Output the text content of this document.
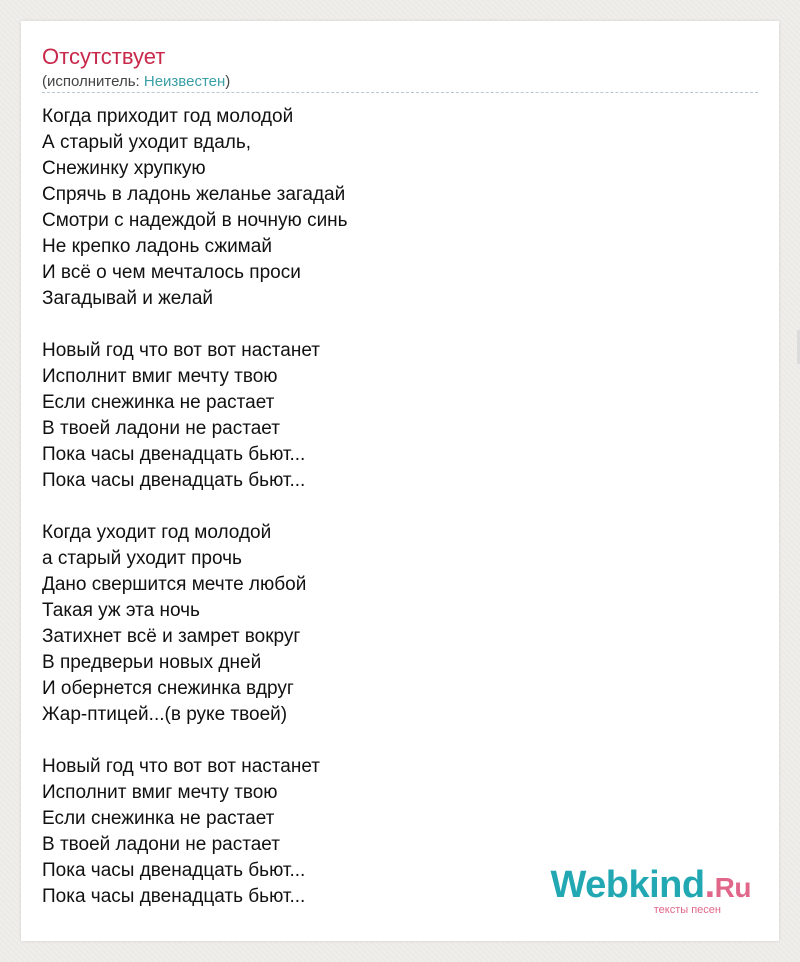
Отсутствует
(исполнитель: Неизвестен)
Когда приходит год молодой
А старый уходит вдаль,
Снежинку хрупкую
Спрячь в ладонь желанье загадай
Смотри с надеждой в ночную синь
Не крепко ладонь сжимай
И всё о чем мечталось проси
Загадывай и желай
Новый год что вот вот настанет
Исполнит вмиг мечту твою
Если снежинка не растает
В твоей ладони не растает
Пока часы двенадцать бьют...
Пока часы двенадцать бьют...
Когда уходит год молодой
а старый уходит прочь
Дано свершится мечте любой
Такая уж эта ночь
Затихнет всё и замрет вокруг
В предверьи новых дней
И обернется снежинка вдруг
Жар-птицей...(в руке твоей)
Новый год что вот вот настанет
Исполнит вмиг мечту твою
Если снежинка не растает
В твоей ладони не растает
Пока часы двенадцать бьют...
Пока часы двенадцать бьют...	Webkind.Ru
тексты песен
